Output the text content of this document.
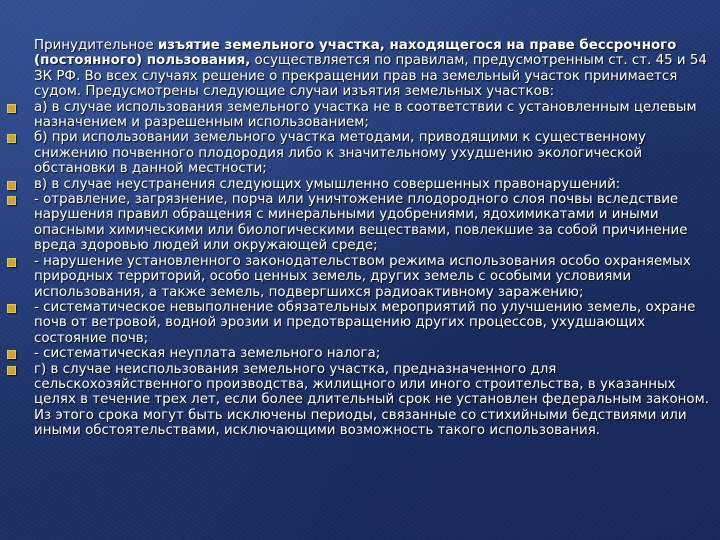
Принудительное изъятие земельного участка, находящегося на праве бессрочного (постоянного) пользования, осуществляется по правилам, предусмотренным ст. ст. 45 и 54 ЗК РФ. Во всех случаях решение о прекращении прав на земельный участок принимается судом. Предусмотрены следующие случаи изъятия земельных участков:

а) в случае использования земельного участка не в соответствии с установленным целевым назначением и разрешенным использованием;
б) при использовании земельного участка методами, приводящими к существенному снижению почвенного плодородия либо к значительному ухудшению экологической обстановки в данной местности;
в) в случае неустранения следующих умышленно совершенных правонарушений:
- отравление, загрязнение, порча или уничтожение плодородного слоя почвы вследствие нарушения правил обращения с минеральными удобрениями, ядохимикатами и иными опасными химическими или биологическими веществами, повлекшие за собой причинение вреда здоровью людей или окружающей среде;
- нарушение установленного законодательством режима использования особо охраняемых природных территорий, особо ценных земель, других земель с особыми условиями использования, а также земель, подвергшихся радиоактивному заражению;
- систематическое невыполнение обязательных мероприятий по улучшению земель, охране почв от ветровой, водной эрозии и предотвращению других процессов, ухудшающих состояние почв;
- систематическая неуплата земельного налога;
г) в случае неиспользования земельного участка, предназначенного для сельскохозяйственного производства, жилищного или иного строительства, в указанных целях в течение трех лет, если более длительный срок не установлен федеральным законом. Из этого срока могут быть исключены периоды, связанные со стихийными бедствиями или иными обстоятельствами, исключающими возможность такого использования.
